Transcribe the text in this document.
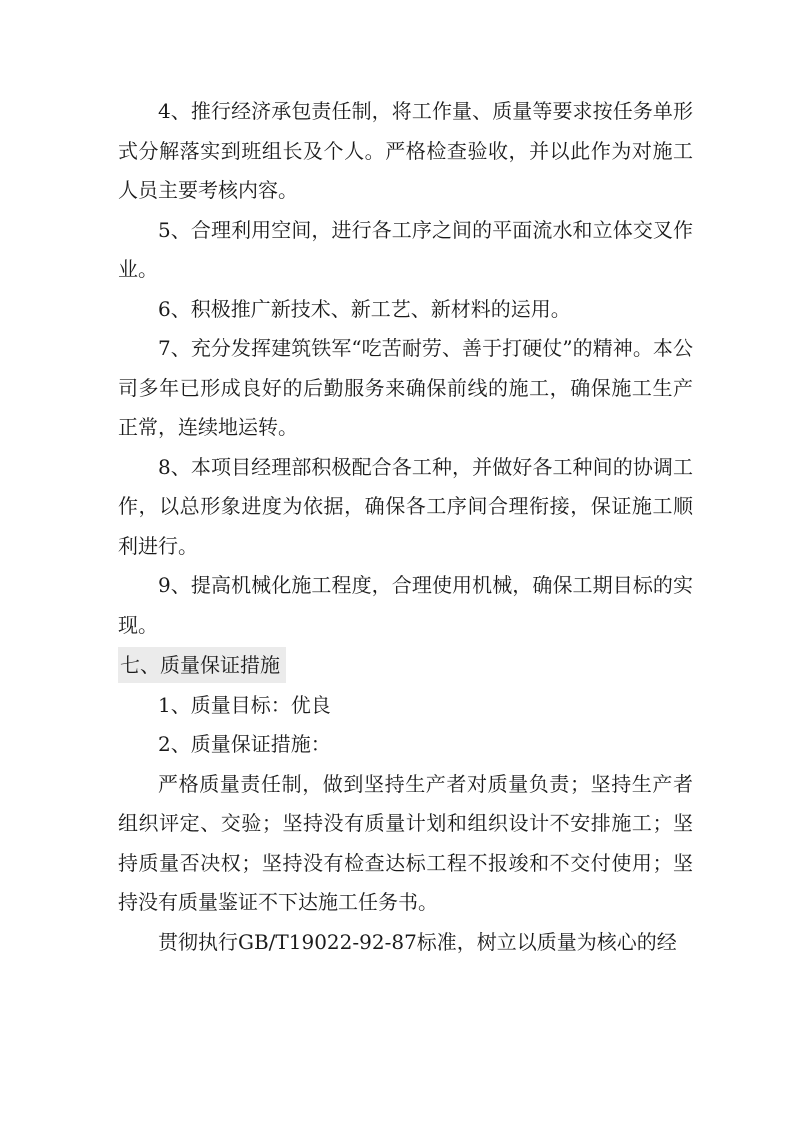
4、推行经济承包责任制，将工作量、质量等要求按任务单形式分解落实到班组长及个人。严格检查验收，并以此作为对施工人员主要考核内容。

5、合理利用空间，进行各工序之间的平面流水和立体交叉作业。

6、积极推广新技术、新工艺、新材料的运用。

7、充分发挥建筑铁军“吃苦耐劳、善于打硬仗”的精神。本公司多年已形成良好的后勤服务来确保前线的施工，确保施工生产正常，连续地运转。

8、本项目经理部积极配合各工种，并做好各工种间的协调工作，以总形象进度为依据，确保各工序间合理衔接，保证施工顺利进行。

9、提高机械化施工程度，合理使用机械，确保工期目标的实现。

七、质量保证措施

1、质量目标：优良

2、质量保证措施：

严格质量责任制，做到坚持生产者对质量负责；坚持生产者组织评定、交验；坚持没有质量计划和组织设计不安排施工；坚持质量否决权；坚持没有检查达标工程不报竣和不交付使用；坚持没有质量鉴证不下达施工任务书。

贯彻执行GB/T19022-92-87标准，树立以质量为核心的经
